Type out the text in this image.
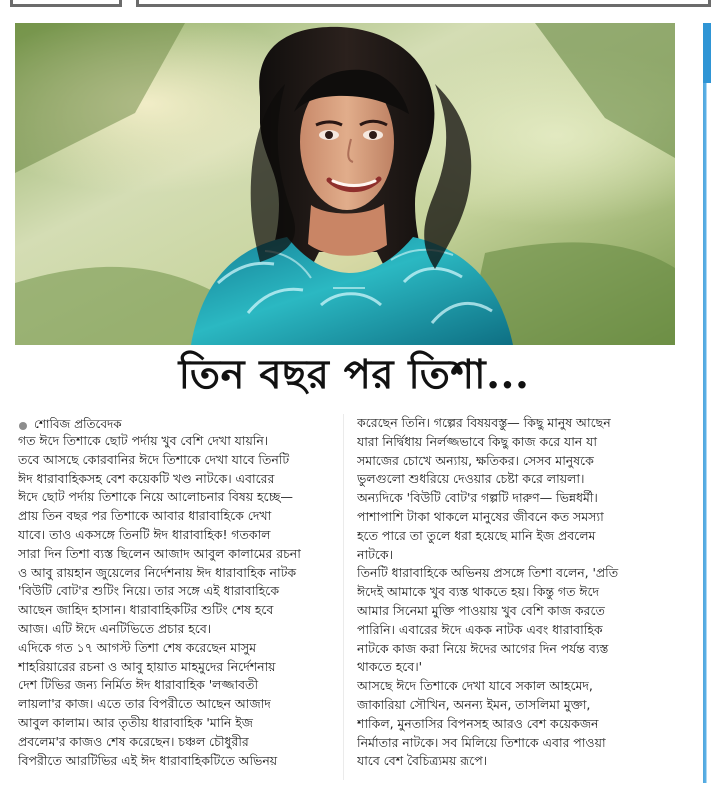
তিন বছর পর তিশা...
শোবিজ প্রতিবেদক
গত ঈদে তিশাকে ছোট পর্দায় খুব বেশি দেখা যায়নি।
তবে আসছে কোরবানির ঈদে তিশাকে দেখা যাবে তিনটি
ঈদ ধারাবাহিকসহ বেশ কয়েকটি খণ্ড নাটকে। এবারের
ঈদে ছোট পর্দায় তিশাকে নিয়ে আলোচনার বিষয় হচ্ছে—
প্রায় তিন বছর পর তিশাকে আবার ধারাবাহিকে দেখা
যাবে। তাও একসঙ্গে তিনটি ঈদ ধারাবাহিক! গতকাল
সারা দিন তিশা ব্যস্ত ছিলেন আজাদ আবুল কালামের রচনা
ও আবু রায়হান জুয়েলের নির্দেশনায় ঈদ ধারাবাহিক নাটক
'বিউটি বোট'র শুটিং নিয়ে। তার সঙ্গে এই ধারাবাহিকে
আছেন জাহিদ হাসান। ধারাবাহিকটির শুটিং শেষ হবে
আজ। এটি ঈদে এনটিভিতে প্রচার হবে।
এদিকে গত ১৭ আগস্ট তিশা শেষ করেছেন মাসুম
শাহরিয়ারের রচনা ও আবু হায়াত মাহমুদের নির্দেশনায়
দেশ টিভির জন্য নির্মিত ঈদ ধারাবাহিক 'লজ্জাবতী
লায়লা'র কাজ। এতে তার বিপরীতে আছেন আজাদ
আবুল কালাম। আর তৃতীয় ধারাবাহিক 'মানি ইজ
প্রবলেম'র কাজও শেষ করেছেন। চঞ্চল চৌধুরীর
বিপরীতে আরটিভির এই ঈদ ধারাবাহিকটিতে অভিনয়
করেছেন তিনি। গল্পের বিষয়বস্তু— কিছু মানুষ আছেন
যারা নির্দ্বিধায় নির্লজ্জভাবে কিছু কাজ করে যান যা
সমাজের চোখে অন্যায়, ক্ষতিকর। সেসব মানুষকে
ভুলগুলো শুধরিয়ে দেওয়ার চেষ্টা করে লায়লা।
অন্যদিকে 'বিউটি বোট'র গল্পটি দারুণ— ভিন্নধর্মী।
পাশাপাশি টাকা থাকলে মানুষের জীবনে কত সমস্যা
হতে পারে তা তুলে ধরা হয়েছে মানি ইজ প্রবলেম
নাটকে।
তিনটি ধারাবাহিকে অভিনয় প্রসঙ্গে তিশা বলেন, 'প্রতি
ঈদেই আমাকে খুব ব্যস্ত থাকতে হয়। কিন্তু গত ঈদে
আমার সিনেমা মুক্তি পাওয়ায় খুব বেশি কাজ করতে
পারিনি। এবারের ঈদে একক নাটক এবং ধারাবাহিক
নাটকে কাজ করা নিয়ে ঈদের আগের দিন পর্যন্ত ব্যস্ত
থাকতে হবে।'
আসছে ঈদে তিশাকে দেখা যাবে সকাল আহমেদ,
জাকারিয়া সৌখিন, অনন্য ইমন, তাসলিমা মুক্তা,
শাকিল, মুনতাসির বিপনসহ আরও বেশ কয়েকজন
নির্মাতার নাটকে। সব মিলিয়ে তিশাকে এবার পাওয়া
যাবে বেশ বৈচিত্র্যময় রূপে।
